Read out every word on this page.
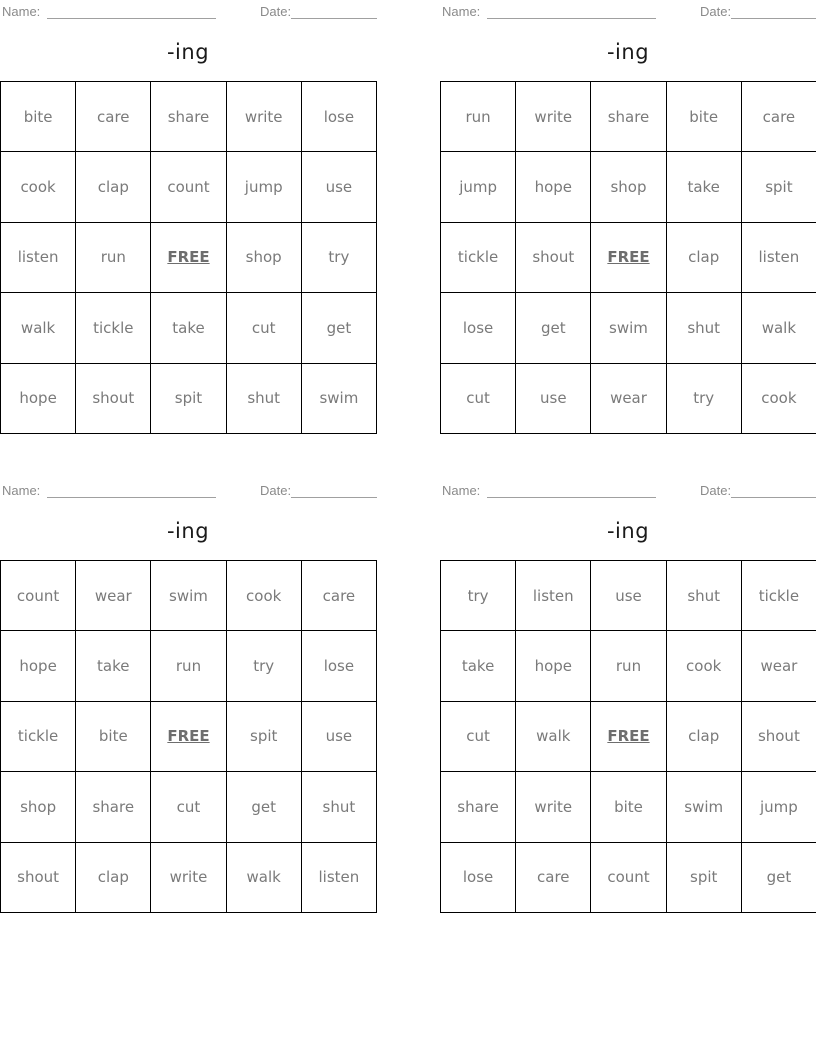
Name:	Date:
-ing
bite	care	share	write	lose
cook	clap	count	jump	use
listen	run	FREE	shop	try
walk	tickle	take	cut	get
hope	shout	spit	shut	swim
Name:	Date:
-ing
run	write	share	bite	care
jump	hope	shop	take	spit
tickle	shout	FREE	clap	listen
lose	get	swim	shut	walk
cut	use	wear	try	cook
Name:	Date:
-ing
count	wear	swim	cook	care
hope	take	run	try	lose
tickle	bite	FREE	spit	use
shop	share	cut	get	shut
shout	clap	write	walk	listen
Name:	Date:
-ing
try	listen	use	shut	tickle
take	hope	run	cook	wear
cut	walk	FREE	clap	shout
share	write	bite	swim	jump
lose	care	count	spit	get
